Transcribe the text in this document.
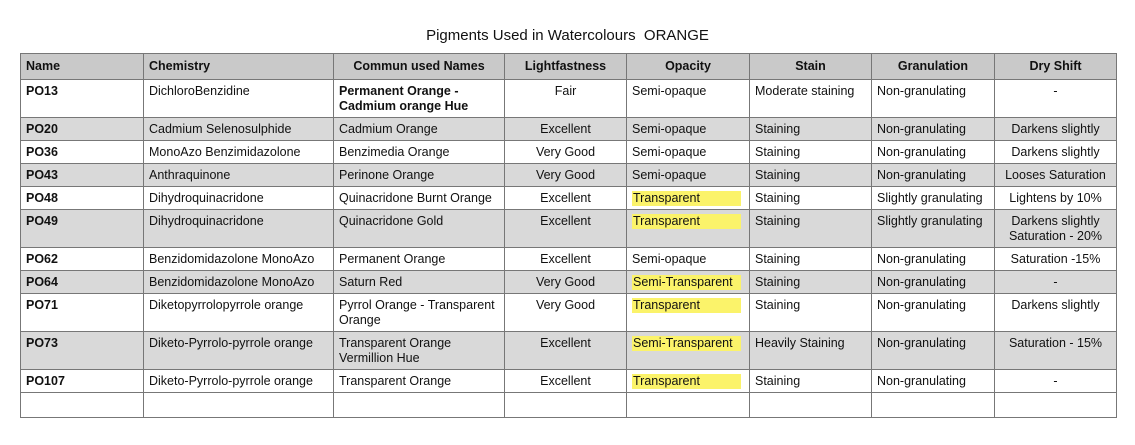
Pigments Used in Watercolours  ORANGE
Name	Chemistry	Commun used Names	Lightfastness	Opacity	Stain	Granulation	Dry Shift
PO13	DichloroBenzidine	Permanent Orange - Cadmium orange Hue	Fair	Semi-opaque	Moderate staining	Non-granulating	-
PO20	Cadmium Selenosulphide	Cadmium Orange	Excellent	Semi-opaque	Staining	Non-granulating	Darkens slightly
PO36	MonoAzo Benzimidazolone	Benzimedia Orange	Very Good	Semi-opaque	Staining	Non-granulating	Darkens slightly
PO43	Anthraquinone	Perinone Orange	Very Good	Semi-opaque	Staining	Non-granulating	Looses Saturation
PO48	Dihydroquinacridone	Quinacridone Burnt Orange	Excellent	Transparent	Staining	Slightly granulating	Lightens by 10%
PO49	Dihydroquinacridone	Quinacridone Gold	Excellent	Transparent	Staining	Slightly granulating	Darkens slightly Saturation - 20%
PO62	Benzidomidazolone MonoAzo	Permanent Orange	Excellent	Semi-opaque	Staining	Non-granulating	Saturation -15%
PO64	Benzidomidazolone MonoAzo	Saturn Red	Very Good	Semi-Transparent	Staining	Non-granulating	-
PO71	Diketopyrrolopyrrole orange	Pyrrol Orange - Transparent Orange	Very Good	Transparent	Staining	Non-granulating	Darkens slightly
PO73	Diketo-Pyrrolo-pyrrole orange	Transparent Orange Vermillion Hue	Excellent	Semi-Transparent	Heavily Staining	Non-granulating	Saturation - 15%
PO107	Diketo-Pyrrolo-pyrrole orange	Transparent Orange	Excellent	Transparent	Staining	Non-granulating	-
